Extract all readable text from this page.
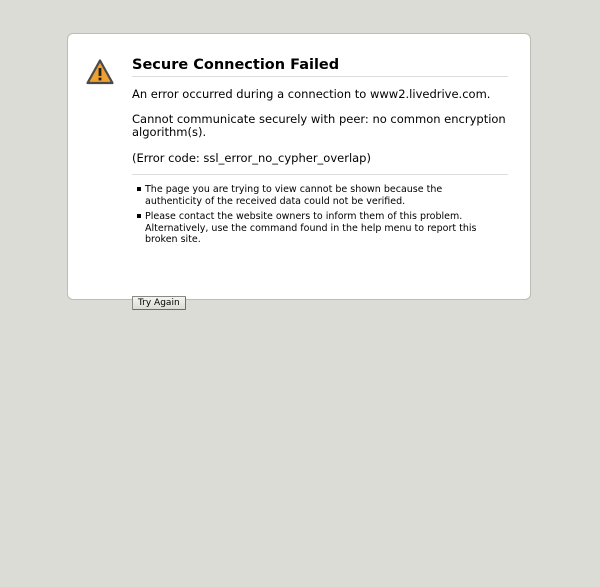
Secure Connection Failed

An error occurred during a connection to www2.livedrive.com.

Cannot communicate securely with peer: no common encryption algorithm(s).

(Error code: ssl_error_no_cypher_overlap)

The page you are trying to view cannot be shown because the authenticity of the received data could not be verified.
Please contact the website owners to inform them of this problem. Alternatively, use the command found in the help menu to report this broken site.
Try Again
